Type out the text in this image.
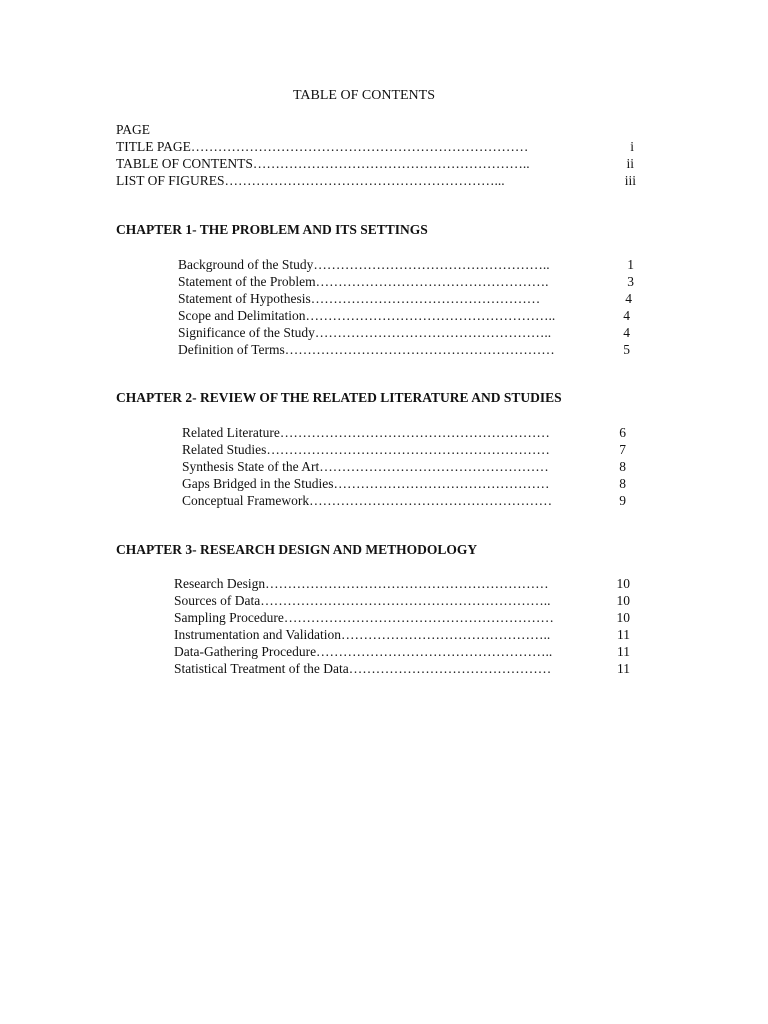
TABLE OF CONTENTS
PAGE
TITLE PAGE…………………………………………………………………	i
TABLE OF CONTENTS……………………………………………………..	ii
LIST OF FIGURES……………………………………………………...	iii
CHAPTER 1- THE PROBLEM AND ITS SETTINGS
Background of the Study……………………………………………..	1
Statement of the Problem…………………………………………….	3
Statement of Hypothesis……………………………………………	4
Scope and Delimitation………………………………………………..	4
Significance of the Study……………………………………………..	4
Definition of Terms……………………………………………………	5
CHAPTER 2- REVIEW OF THE RELATED LITERATURE AND STUDIES
Related Literature……………………………………………………	6
Related Studies………………………………………………………	7
Synthesis State of the Art……………………………………………	8
Gaps Bridged in the Studies…………………………………………	8
Conceptual Framework………………………………………………	9
CHAPTER 3- RESEARCH DESIGN AND METHODOLOGY
Research Design………………………………………………………	10
Sources of Data………………………………………………………..	10
Sampling Procedure……………………………………………………	10
Instrumentation and Validation………………………………………..	11
Data-Gathering Procedure……………………………………………..	11
Statistical Treatment of the Data………………………………………	11
